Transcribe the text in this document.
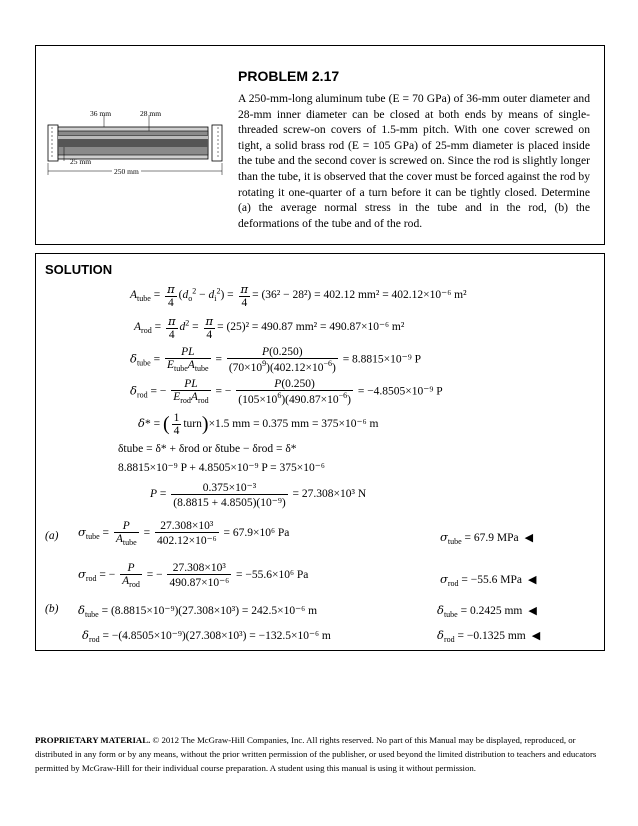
36 mm	28 mm
25 mm
250 mm
PROBLEM 2.17
A 250-mm-long aluminum tube (E = 70 GPa) of 36-mm outer diameter and 28-mm inner diameter can be closed at both ends by means of single-threaded screw-on covers of 1.5-mm pitch. With one cover screwed on tight, a solid brass rod (E = 105 GPa) of 25-mm diameter is placed inside the tube and the second cover is screwed on. Since the rod is slightly longer than the tube, it is observed that the cover must be forced against the rod by rotating it one-quarter of a turn before it can be tightly closed. Determine (a) the average normal stress in the tube and in the rod, (b) the deformations of the tube and of the rod.
SOLUTION
$A_{tube} = \frac{\pi}{4} (d_o^2 - d_i^2) = \frac{\pi}{4} = (36^2 - 28^2) = 402.12$ mm² = 402.12×10⁻⁶ m²
$A_{rod} = \frac{\pi}{4} d^2 = \frac{\pi}{4} = (25)^2 = 490.87$ mm² = 490.87×10⁻⁶ m²
$\delta_{tube} = \frac{PL}{E_{tube}A_{tube}} = \frac{P(0.250)}{(70\times 10^9)(402.12\times 10^{-6})} = 8.8815\times 10^{-9}$ P
$\delta_{rod}$ = − $\frac{PL}{E_{rod}A_{rod}}$ = − $\frac{P(0.250)}{(105\times 10^6)(490.87\times 10^{-6})} = -4.8505\times 10^{-9}$ P
δ* = ( $\frac{1}{4}$ turn)×1.5 mm = 0.375 mm = 375×10⁻⁶ m
δtube = δ* + δrod or δtube − δrod = δ*
8.8815×10⁻⁹ P + 4.8505×10⁻⁹ P = 375×10⁻⁶
$P = \frac{\text{0.375×10⁻³}}{\text{(8.8815 + 4.8505)(10⁻⁹)}} = 27.308\times 10^3$ N
(a) $\sigma_{tube} = \frac{P}{A_{tube}} = \frac{\text{27.308×10³}}{\text{402.12×10⁻⁶}} = 67.9\times 10^6$ Pa	$\sigma_{tube} = 67.9$ MPa ◀
$\sigma_{rod}$ = − $\frac{P}{A_{rod}}$ = − $\frac{\text{27.308×10³}}{\text{490.87×10⁻⁶}} = -55.6\times 10^6$ Pa	$\sigma_{rod} = -55.6$ MPa ◀
(b) $\delta_{tube} = (8.8815\times 10^{-9})(27.308\times 10^3) = 242.5\times 10^{-6}$ m	$\delta_{tube} = 0.2425$ mm ◀
$\delta_{rod} = -(4.8505\times 10^{-9})(27.308\times 10^3) = -132.5\times 10^{-6}$ m	$\delta_{rod} = -0.1325$ mm ◀
PROPRIETARY MATERIAL. © 2012 The McGraw-Hill Companies, Inc. All rights reserved. No part of this Manual may be displayed, reproduced, or distributed in any form or by any means, without the prior written permission of the publisher, or used beyond the limited distribution to teachers and educators permitted by McGraw-Hill for their individual course preparation. A student using this manual is using it without permission.
